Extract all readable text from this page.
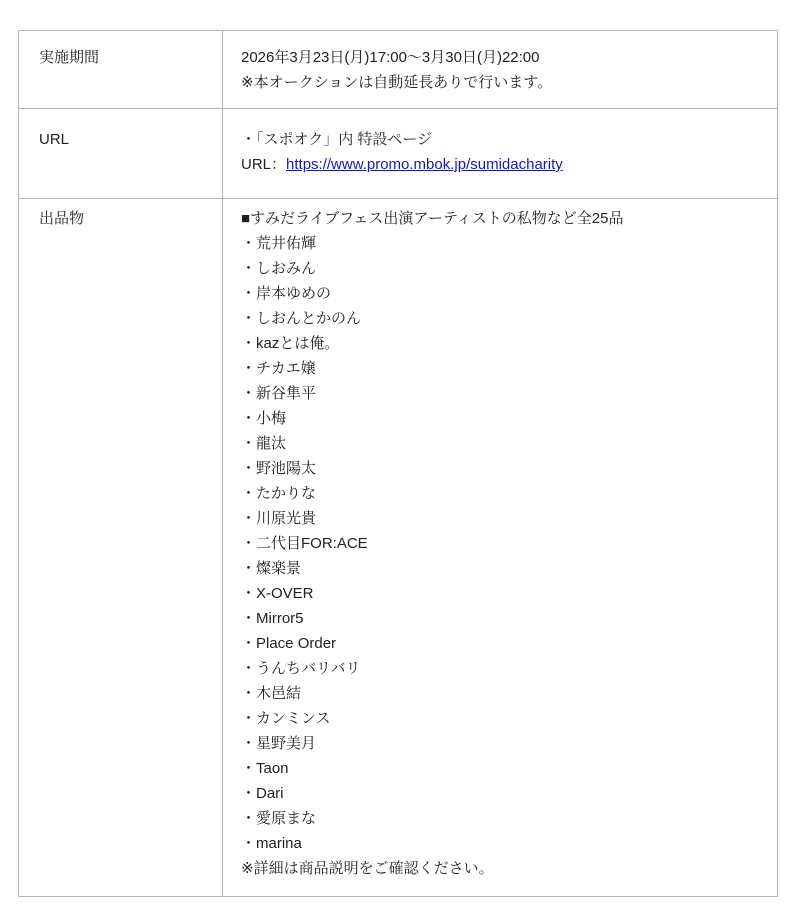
実施期間	2026年3月23日(月)17:00〜3月30日(月)22:00
※本オークションは自動延長ありで行います。

URL	・「スポオク」内 特設ページ
URL：https://www.promo.mbok.jp/sumidacharity

出品物	■すみだライブフェス出演アーティストの私物など全25品
・荒井佑輝
・しおみん
・岸本ゆめの
・しおんとかのん
・kazとは俺。
・チカエ嬢
・新谷隼平
・小梅
・龍汰
・野池陽太
・たかりな
・川原光貴
・二代目FOR:ACE
・燦楽景
・X-OVER
・Mirror5
・Place Order
・うんちバリバリ
・木邑結
・カンミンス
・星野美月
・Taon
・Dari
・愛原まな
・marina
※詳細は商品説明をご確認ください。
